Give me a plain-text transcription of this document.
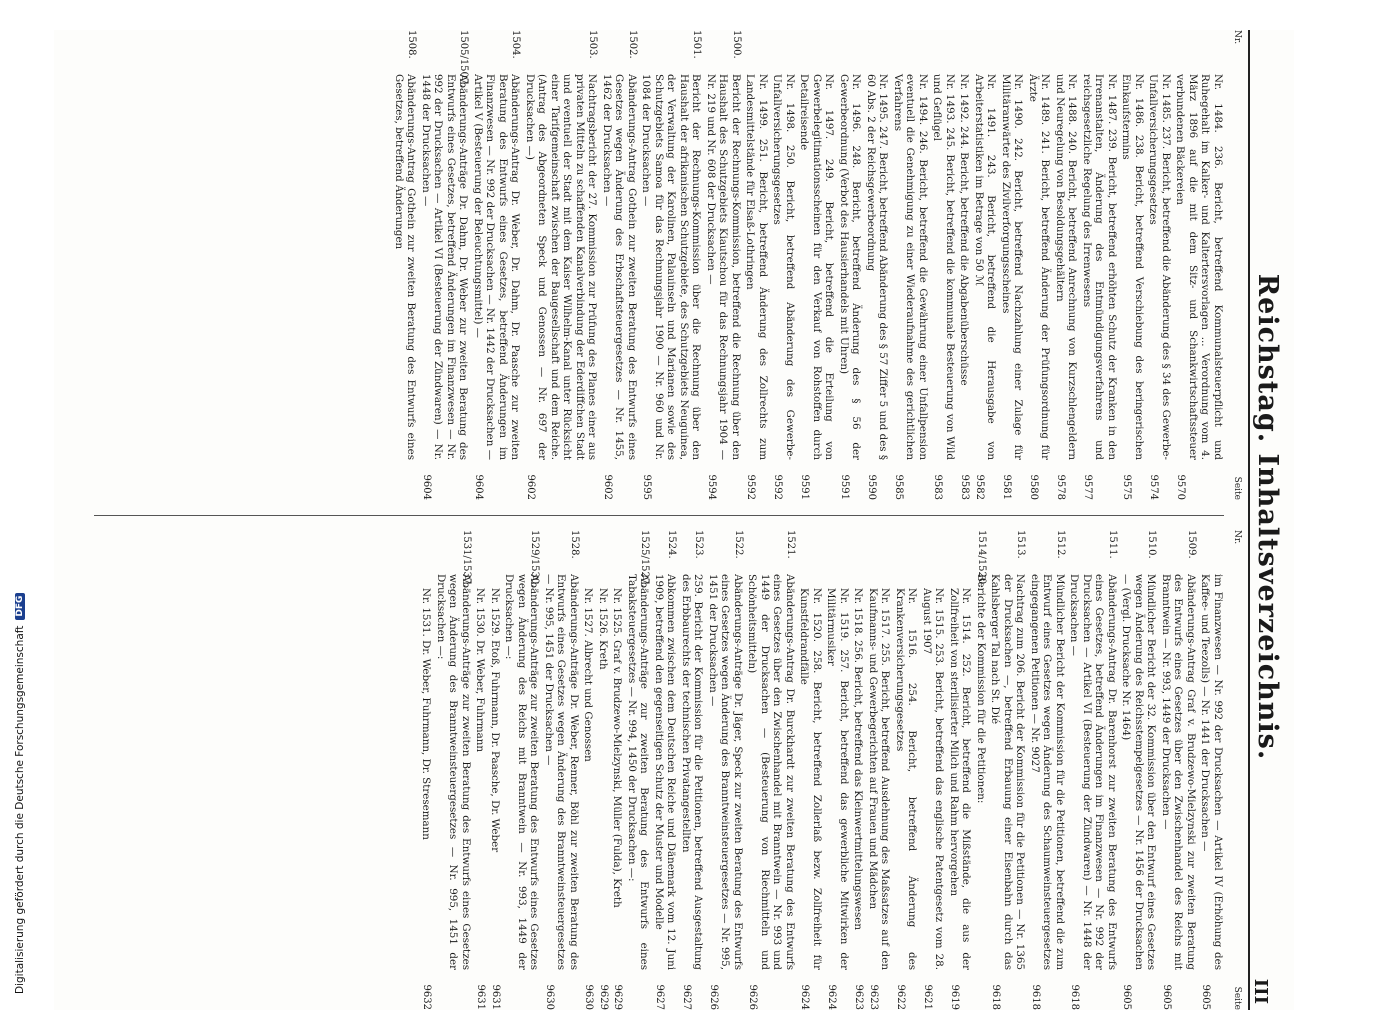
Reichstag. Inhaltsverzeichnis.
III
Nr.
Seite
Nr.
Seite
Nr. 1484. 236. Bericht, betreffend Kommunalsteuerpflicht und Ruhegehalt im Kalker- und Kaltertersvorlagen ... Verordnung vom 4. März 1896 auf die mit dem Sitz- und Schankwirtschaftssteuer verbundenen Bäckereien
9570
Nr. 1485. 237. Bericht, betreffend die Abänderung des § 34 des Gewerbe-Unfallversicherungsgesetzes
9574
Nr. 1486. 238. Bericht, betreffend Verschiebung des beringerischen Einkaufstermins
9575
Nr. 1487. 239. Bericht, betreffend erhöhten Schutz der Kranken in den Irrenanstalten, Änderung des Entmündigungsverfahrens und reichsgesetzliche Regelung des Irrenwesens
9577
Nr. 1488. 240. Bericht, betreffend Anrechnung von Kurzschlengeldern und Neuregelung von Besoldungsgehältern
9578
Nr. 1489. 241. Bericht, betreffend Änderung der Prüfungsordnung für Ärzte
9580
Nr. 1490. 242. Bericht, betreffend Nachzahlung einer Zulage für Militäranwärter des Zivilverforgungsscheines
9581
Nr. 1491. 243. Bericht, betreffend die Herausgabe von Arbeiterstatistiken im Betrage von 50 ℳ
9582
Nr. 1492. 244. Bericht, betreffend die Abgabenüberschüsse
9583
Nr. 1493. 245. Bericht, betreffend die kommunale Besteuerung von Wild und Geflügel
9583
Nr. 1494. 246. Bericht, betreffend die Gewährung einer Unfallpension eventuell die Genehmigung zu einer Wiederaufnahme des gerichtlichen Verfahrens
9585
Nr. 1495. 247. Bericht, betreffend Abänderung des § 57 Ziffer 5 und des § 60 Abs. 2 der Reichsgewerbeordnung
9590
Nr. 1496. 248. Bericht, betreffend Änderung des § 56 der Gewerbeordnung (Verbot des Hausierhandels mit Uhren)
9591
Nr. 1497. 249. Bericht, betreffend die Erteilung von Gewerbelegitimationsscheinen für den Verkauf von Rohstoffen durch Detailreisende
9591
Nr. 1498. 250. Bericht, betreffend Abänderung des Gewerbe-Unfallversicherungsgesetzes
9592
Nr. 1499. 251. Bericht, betreffend Änderung des Zollrechts zum Landesmittelstände für Elsaß-Lothringen
9592
1500.
Bericht der Rechnungs-Kommission, betreffend die Rechnung über den Haushalt des Schutzgebiets Kiautschou für das Rechnungsjahr 1904 — Nr. 219 und Nr. 608 der Drucksachen —
9594
1501.
Bericht der Rechnungs-Kommission über die Rechnung über den Haushalt der afrikanischen Schutzgebiete, des Schutzgebiets Neuguinea, der Verwaltung der Karolinen, Palauinseln und Marianen sowie des Schutzgebiets Samoa für das Rechnungsjahr 1900 — Nr. 960 und Nr. 1084 der Drucksachen —
9595
1502.
Abänderungs-Antrag Gothein zur zweiten Beratung des Entwurfs eines Gesetzes wegen Änderung des Erbschaftsteuergesetzes — Nr. 1455, 1462 der Drucksachen —
9602
1503.
Nachtragsbericht der 27. Kommission zur Prüfung des Planes einer aus privaten Mitteln zu schaffenden Kanalverbindung der Ederdiffchen Stadt und eventuell der Stadt mit dem Kaiser Wilhelm-Kanal unter Rücksicht einer Tarifgemeinschaft zwischen der Baugesellschaft und dem Reiche. (Antrag des Abgeordneten Speck und Genossen — Nr. 697 der Drucksachen —)
9602
1504.
Abänderungs-Antrag Dr. Weber, Dr. Dahm, Dr. Paasche zur zweiten Beratung des Entwurfs eines Gesetzes, betreffend Änderungen im Finanzwesen — Nr. 992 der Drucksachen — Nr. 1442 der Drucksachen — Artikel V (Besteuerung der Beleuchtungsmittel) —
9604
1505/1507.
Abänderungs-Anträge Dr. Dahm, Dr. Weber zur zweiten Beratung des Entwurfs eines Gesetzes, betreffend Änderungen im Finanzwesen — Nr. 992 der Drucksachen — Artikel VI (Besteuerung der Zündwaren) — Nr. 1448 der Drucksachen —
9604
1508.
Abänderungs-Antrag Gothein zur zweiten Beratung des Entwurfs eines Gesetzes, betreffend Änderungen
im Finanzwesen — Nr. 992 der Drucksachen — Artikel IV (Erhöhung des Kaffee- und Teezolls) — Nr. 1441 der Drucksachen —
9605
1509.
Abänderungs-Antrag Graf v. Brudzewo-Mielzynski zur zweiten Beratung des Entwurfs eines Gesetzes über den Zwischenhandel des Reichs mit Branntwein — Nr. 993, 1449 der Drucksachen —
9605
1510.
Mündlicher Bericht der 32. Kommission über den Entwurf eines Gesetzes wegen Änderung des Reichsstempelgesetzes — Nr. 1456 der Drucksachen — (Vergl. Drucksache Nr. 1464)
9605
1511.
Abänderungs-Antrag Dr. Barenhorst zur zweiten Beratung des Entwurfs eines Gesetzes, betreffend Änderungen im Finanzwesen — Nr. 992 der Drucksachen — Artikel VI (Besteuerung der Zündwaren) — Nr. 1448 der Drucksachen —
9618
1512.
Mündlicher Bericht der Kommission für die Petitionen, betreffend die zum Entwurf eines Gesetzes wegen Änderung des Schaumweinsteuergesetzes eingegangenen Petitionen — Nr. 9027
9618
1513.
Nachtrag zum 206. Bericht der Kommission für die Petitionen — Nr. 1365 der Drucksachen —, betreffend Erbauung einer Eisenbahn durch das Kahlsberger Tal nach St. Dié
9618
1514/1520.
Berichte der Kommission für die Petitionen:
Nr. 1514. 252. Bericht, betreffend die Mißstände, die aus der Zollfreiheit von sterilisierter Milch und Rahm hervorgehen
9619
Nr. 1515. 253. Bericht, betreffend das englische Patentgesetz vom 28. August 1907
9621
Nr. 1516. 254. Bericht, betreffend Änderung des Krankenversicherungsgesetzes
9622
Nr. 1517. 255. Bericht, betreffend Ausdehnung des Maßsatzes auf den Kaufmanns- und Gewerbegerichten auf Frauen und Mädchen
9623
Nr. 1518. 256. Bericht, betreffend das Kleinwertmittelungswesen
9623
Nr. 1519. 257. Bericht, betreffend das gewerbliche Mitwirken der Militärmusiker
9624
Nr. 1520. 258. Bericht, betreffend Zollerlaß bezw. Zollfreiheit für Kunstfeldrandfälle
9624
1521.
Abänderungs-Antrag Dr. Burckhardt zur zweiten Beratung des Entwurfs eines Gesetzes über den Zwischenhandel mit Branntwein — Nr. 993 und 1449 der Drucksachen — (Besteuerung von Riechmitteln und Schönheitsmitteln)
9626
1522.
Abänderungs-Anträge Dr. Jäger, Speck zur zweiten Beratung des Entwurfs eines Gesetzes wegen Änderung des Branntweinsteuergesetzes — Nr. 995, 1451 der Drucksachen —
9626
1523.
259. Bericht der Kommission für die Petitionen, betreffend Ausgestaltung des Erbbaurechts der technischen Privatangestellten
9627
1524.
Abkommen zwischen dem Deutschen Reiche und Dänemark vom 12. Juni 1909, betreffend den gegenseitigen Schutz der Muster und Modelle
9627
1525/1527.
Abänderungs-Anträge zur zweiten Beratung des Entwurfs eines Tabaksteuergesetzes — Nr. 994, 1450 der Drucksachen —:
Nr. 1525. Graf v. Brudzewo-Mielzynski, Müller (Fulda), Kreth
9629
Nr. 1526. Kreth
9629
Nr. 1527. Albrecht und Genossen
9630
1528.
Abänderungs-Anträge Dr. Weber, Renner, Böhl zur zweiten Beratung des Entwurfs eines Gesetzes wegen Änderung des Branntweinsteuergesetzes — Nr. 995, 1451 der Drucksachen —
9630
1529/1530.
Abänderungs-Anträge zur zweiten Beratung des Entwurfs eines Gesetzes wegen Änderung des Reichs mit Branntwein — Nr. 993, 1449 der Drucksachen —:
Nr. 1529. Etoß, Fuhrmann, Dr. Paasche, Dr. Weber
9631
Nr. 1530. Dr. Weber, Fuhrmann
9631
1531/1537.
Abänderungs-Anträge zur zweiten Beratung des Entwurfs eines Gesetzes wegen Änderung des Branntweinsteuergesetzes — Nr. 995, 1451 der Drucksachen —:
Nr. 1531. Dr. Weber, Fuhrmann, Dr. Stresemann
9632
Digitalisierung gefördert durch die Deutsche Forschungsgemeinschaft
DFG
